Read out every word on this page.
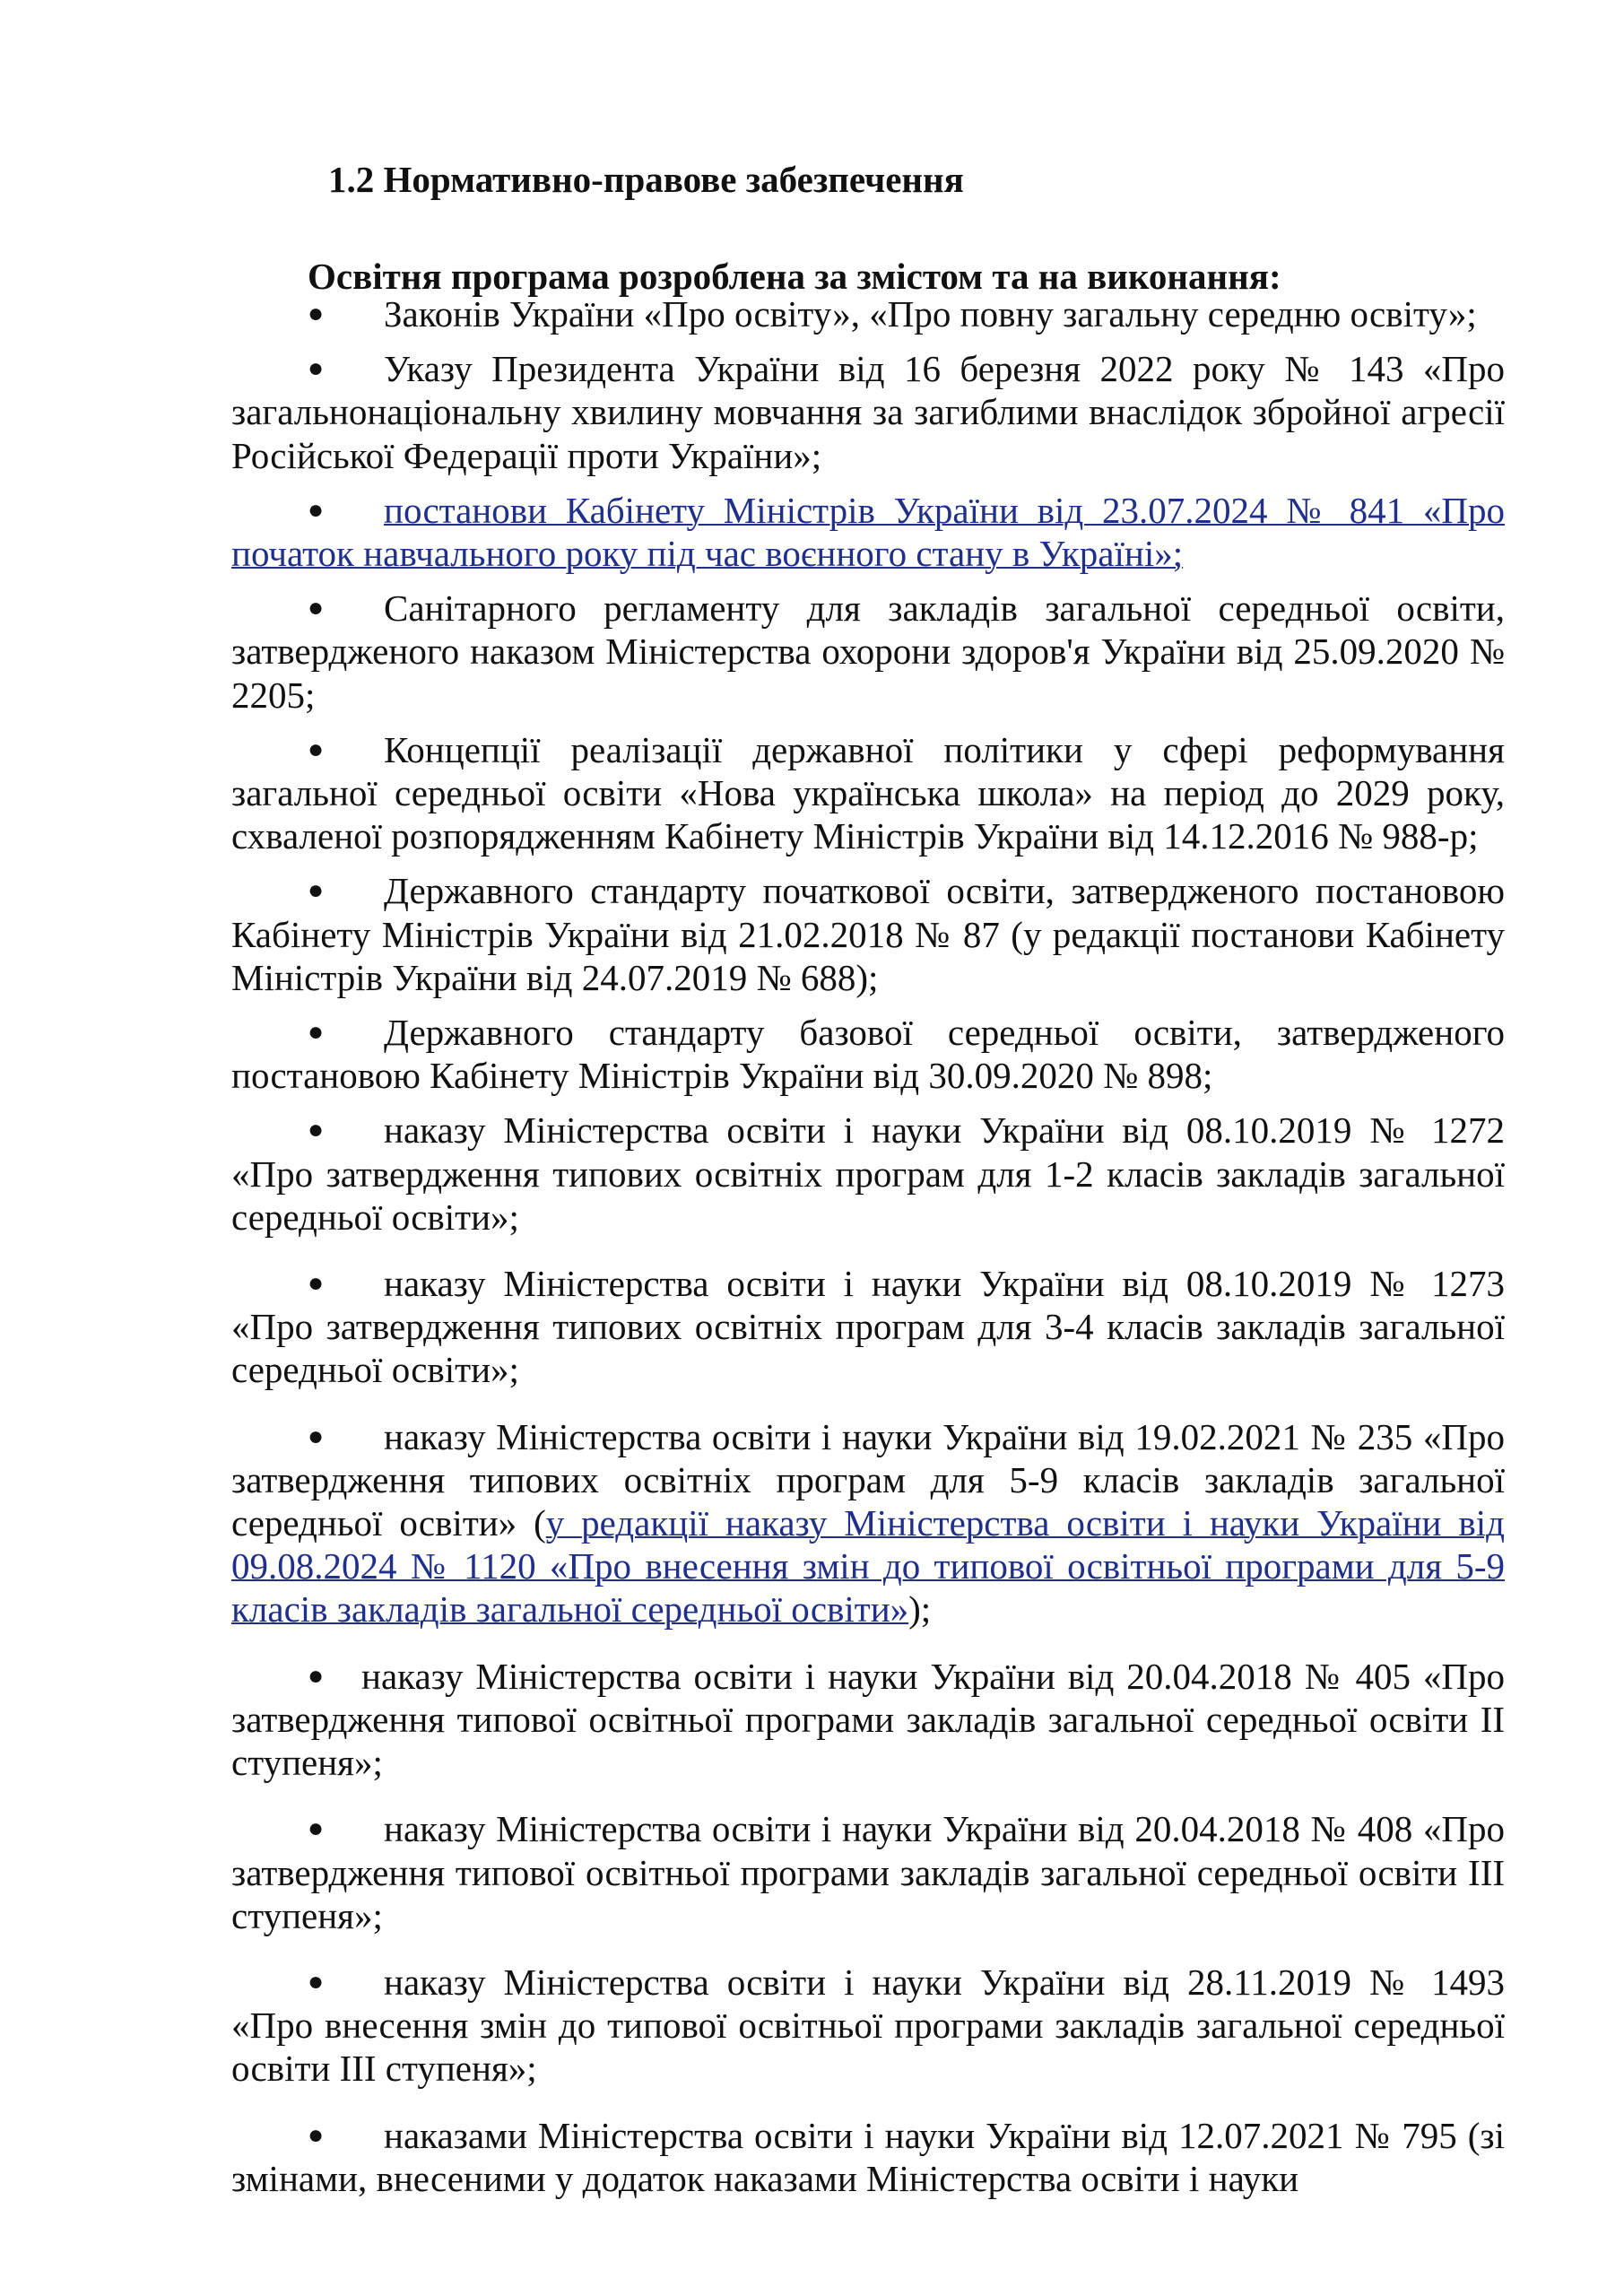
1.2 Нормативно-правове забезпечення

Освітня програма розроблена за змістом та на виконання:

● Законів України «Про освіту», «Про повну загальну середню освіту»;
● Указу Президента України від 16 березня 2022 року № 143 «Про загальнонаціональну хвилину мовчання за загиблими внаслідок збройної агресії Російської Федерації проти України»;
● постанови Кабінету Міністрів України від 23.07.2024 № 841 «Про початок навчального року під час воєнного стану в Україні»;
● Санітарного регламенту для закладів загальної середньої освіти, затвердженого наказом Міністерства охорони здоров'я України від 25.09.2020 № 2205;
● Концепції реалізації державної політики у сфері реформування загальної середньої освіти «Нова українська школа» на період до 2029 року, схваленої розпорядженням Кабінету Міністрів України від 14.12.2016 № 988-р;
● Державного стандарту початкової освіти, затвердженого постановою Кабінету Міністрів України від 21.02.2018 № 87 (у редакції постанови Кабінету Міністрів України від 24.07.2019 № 688);
● Державного стандарту базової середньої освіти, затвердженого постановою Кабінету Міністрів України від 30.09.2020 № 898;
● наказу Міністерства освіти і науки України від 08.10.2019 № 1272 «Про затвердження типових освітніх програм для 1-2 класів закладів загальної середньої освіти»;
● наказу Міністерства освіти і науки України від 08.10.2019 № 1273 «Про затвердження типових освітніх програм для 3-4 класів закладів загальної середньої освіти»;
● наказу Міністерства освіти і науки України від 19.02.2021 № 235 «Про затвердження типових освітніх програм для 5-9 класів закладів загальної середньої освіти» (у редакції наказу Міністерства освіти і науки України від 09.08.2024 № 1120 «Про внесення змін до типової освітньої програми для 5-9 класів закладів загальної середньої освіти»);
● наказу Міністерства освіти і науки України від 20.04.2018 № 405 «Про затвердження типової освітньої програми закладів загальної середньої освіти ІІ ступеня»;
● наказу Міністерства освіти і науки України від 20.04.2018 № 408 «Про затвердження типової освітньої програми закладів загальної середньої освіти ІІІ ступеня»;
● наказу Міністерства освіти і науки України від 28.11.2019 № 1493 «Про внесення змін до типової освітньої програми закладів загальної середньої освіти ІІІ ступеня»;
● наказами Міністерства освіти і науки України від 12.07.2021 № 795 (зі змінами, внесеними у додаток наказами Міністерства освіти і науки
